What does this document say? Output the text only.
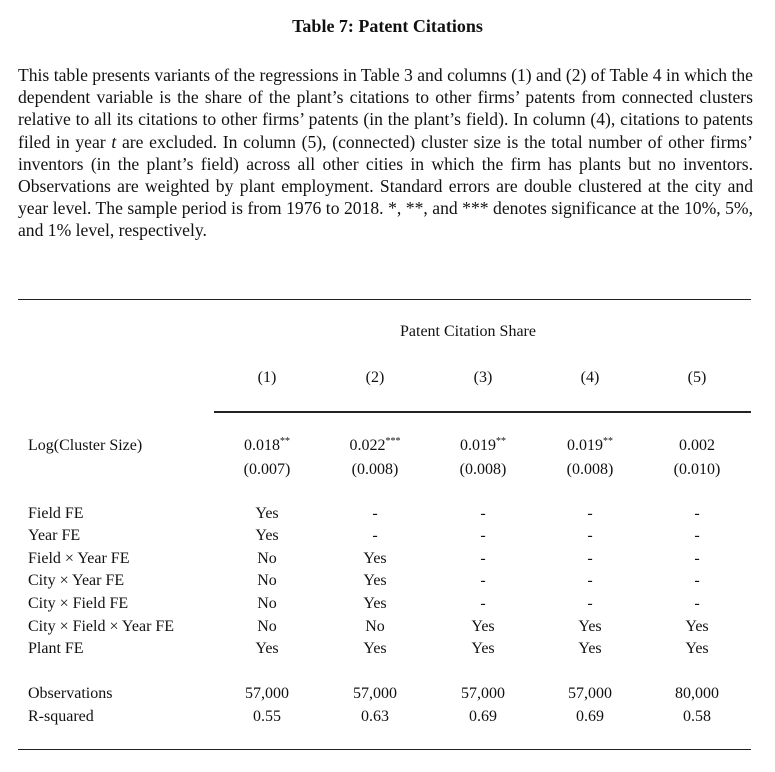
Table 7: Patent Citations
This table presents variants of the regressions in Table 3 and columns (1) and (2) of Table 4 in which the dependent variable is the share of the plant’s citations to other firms’ patents from connected clusters relative to all its citations to other firms’ patents (in the plant’s field). In column (4), citations to patents filed in year t are excluded. In column (5), (connected) cluster size is the total number of other firms’ inventors (in the plant’s field) across all other cities in which the firm has plants but no inventors. Observations are weighted by plant employment. Standard errors are double clustered at the city and year level. The sample period is from 1976 to 2018. *, **, and *** denotes significance at the 10%, 5%, and 1% level, respectively.
Patent Citation Share
(1)	(2)	(3)	(4)	(5)
Log(Cluster Size)	0.018**	0.022***	0.019**	0.019**	0.002
(0.007)	(0.008)	(0.008)	(0.008)	(0.010)
Field FE	Yes	-	-	-	-
Year FE	Yes	-	-	-	-
Field × Year FE	No	Yes	-	-	-
City × Year FE	No	Yes	-	-	-
City × Field FE	No	Yes	-	-	-
City × Field × Year FE	No	No	Yes	Yes	Yes
Plant FE	Yes	Yes	Yes	Yes	Yes
Observations	57,000	57,000	57,000	57,000	80,000
R-squared	0.55	0.63	0.69	0.69	0.58
